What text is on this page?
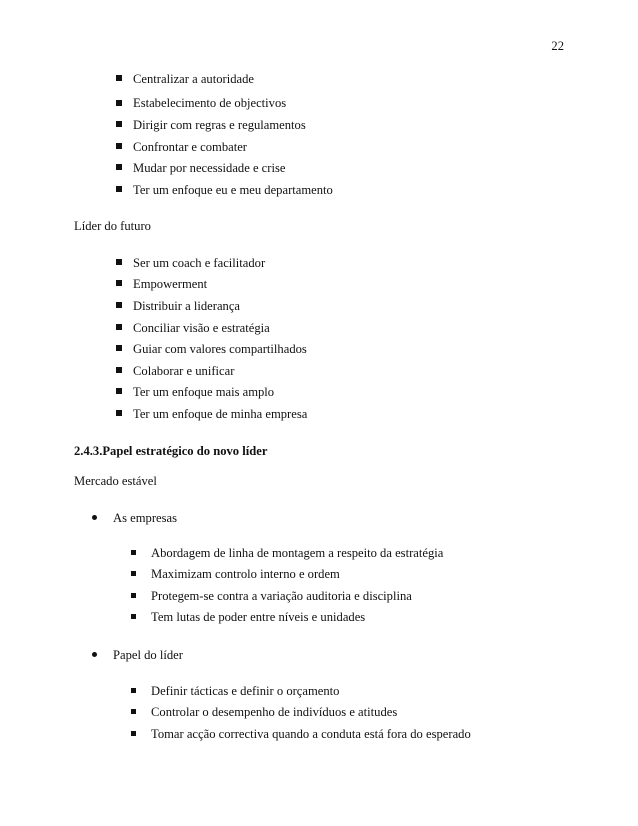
22
Centralizar a autoridade
Estabelecimento de objectivos
Dirigir com regras e regulamentos
Confrontar e combater
Mudar por necessidade e crise
Ter um enfoque eu e meu departamento
Líder do futuro
Ser um coach e facilitador
Empowerment
Distribuir a liderança
Conciliar visão e estratégia
Guiar com valores compartilhados
Colaborar e unificar
Ter um enfoque mais amplo
Ter um enfoque de minha empresa
2.4.3.Papel estratégico do novo líder
Mercado estável
As empresas
Abordagem de linha de montagem a respeito da estratégia
Maximizam controlo interno e ordem
Protegem-se contra a variação auditoria e disciplina
Tem lutas de poder entre níveis e unidades
Papel do líder
Definir tácticas e definir o orçamento
Controlar o desempenho de indivíduos e atitudes
Tomar acção correctiva quando a conduta está fora do esperado
